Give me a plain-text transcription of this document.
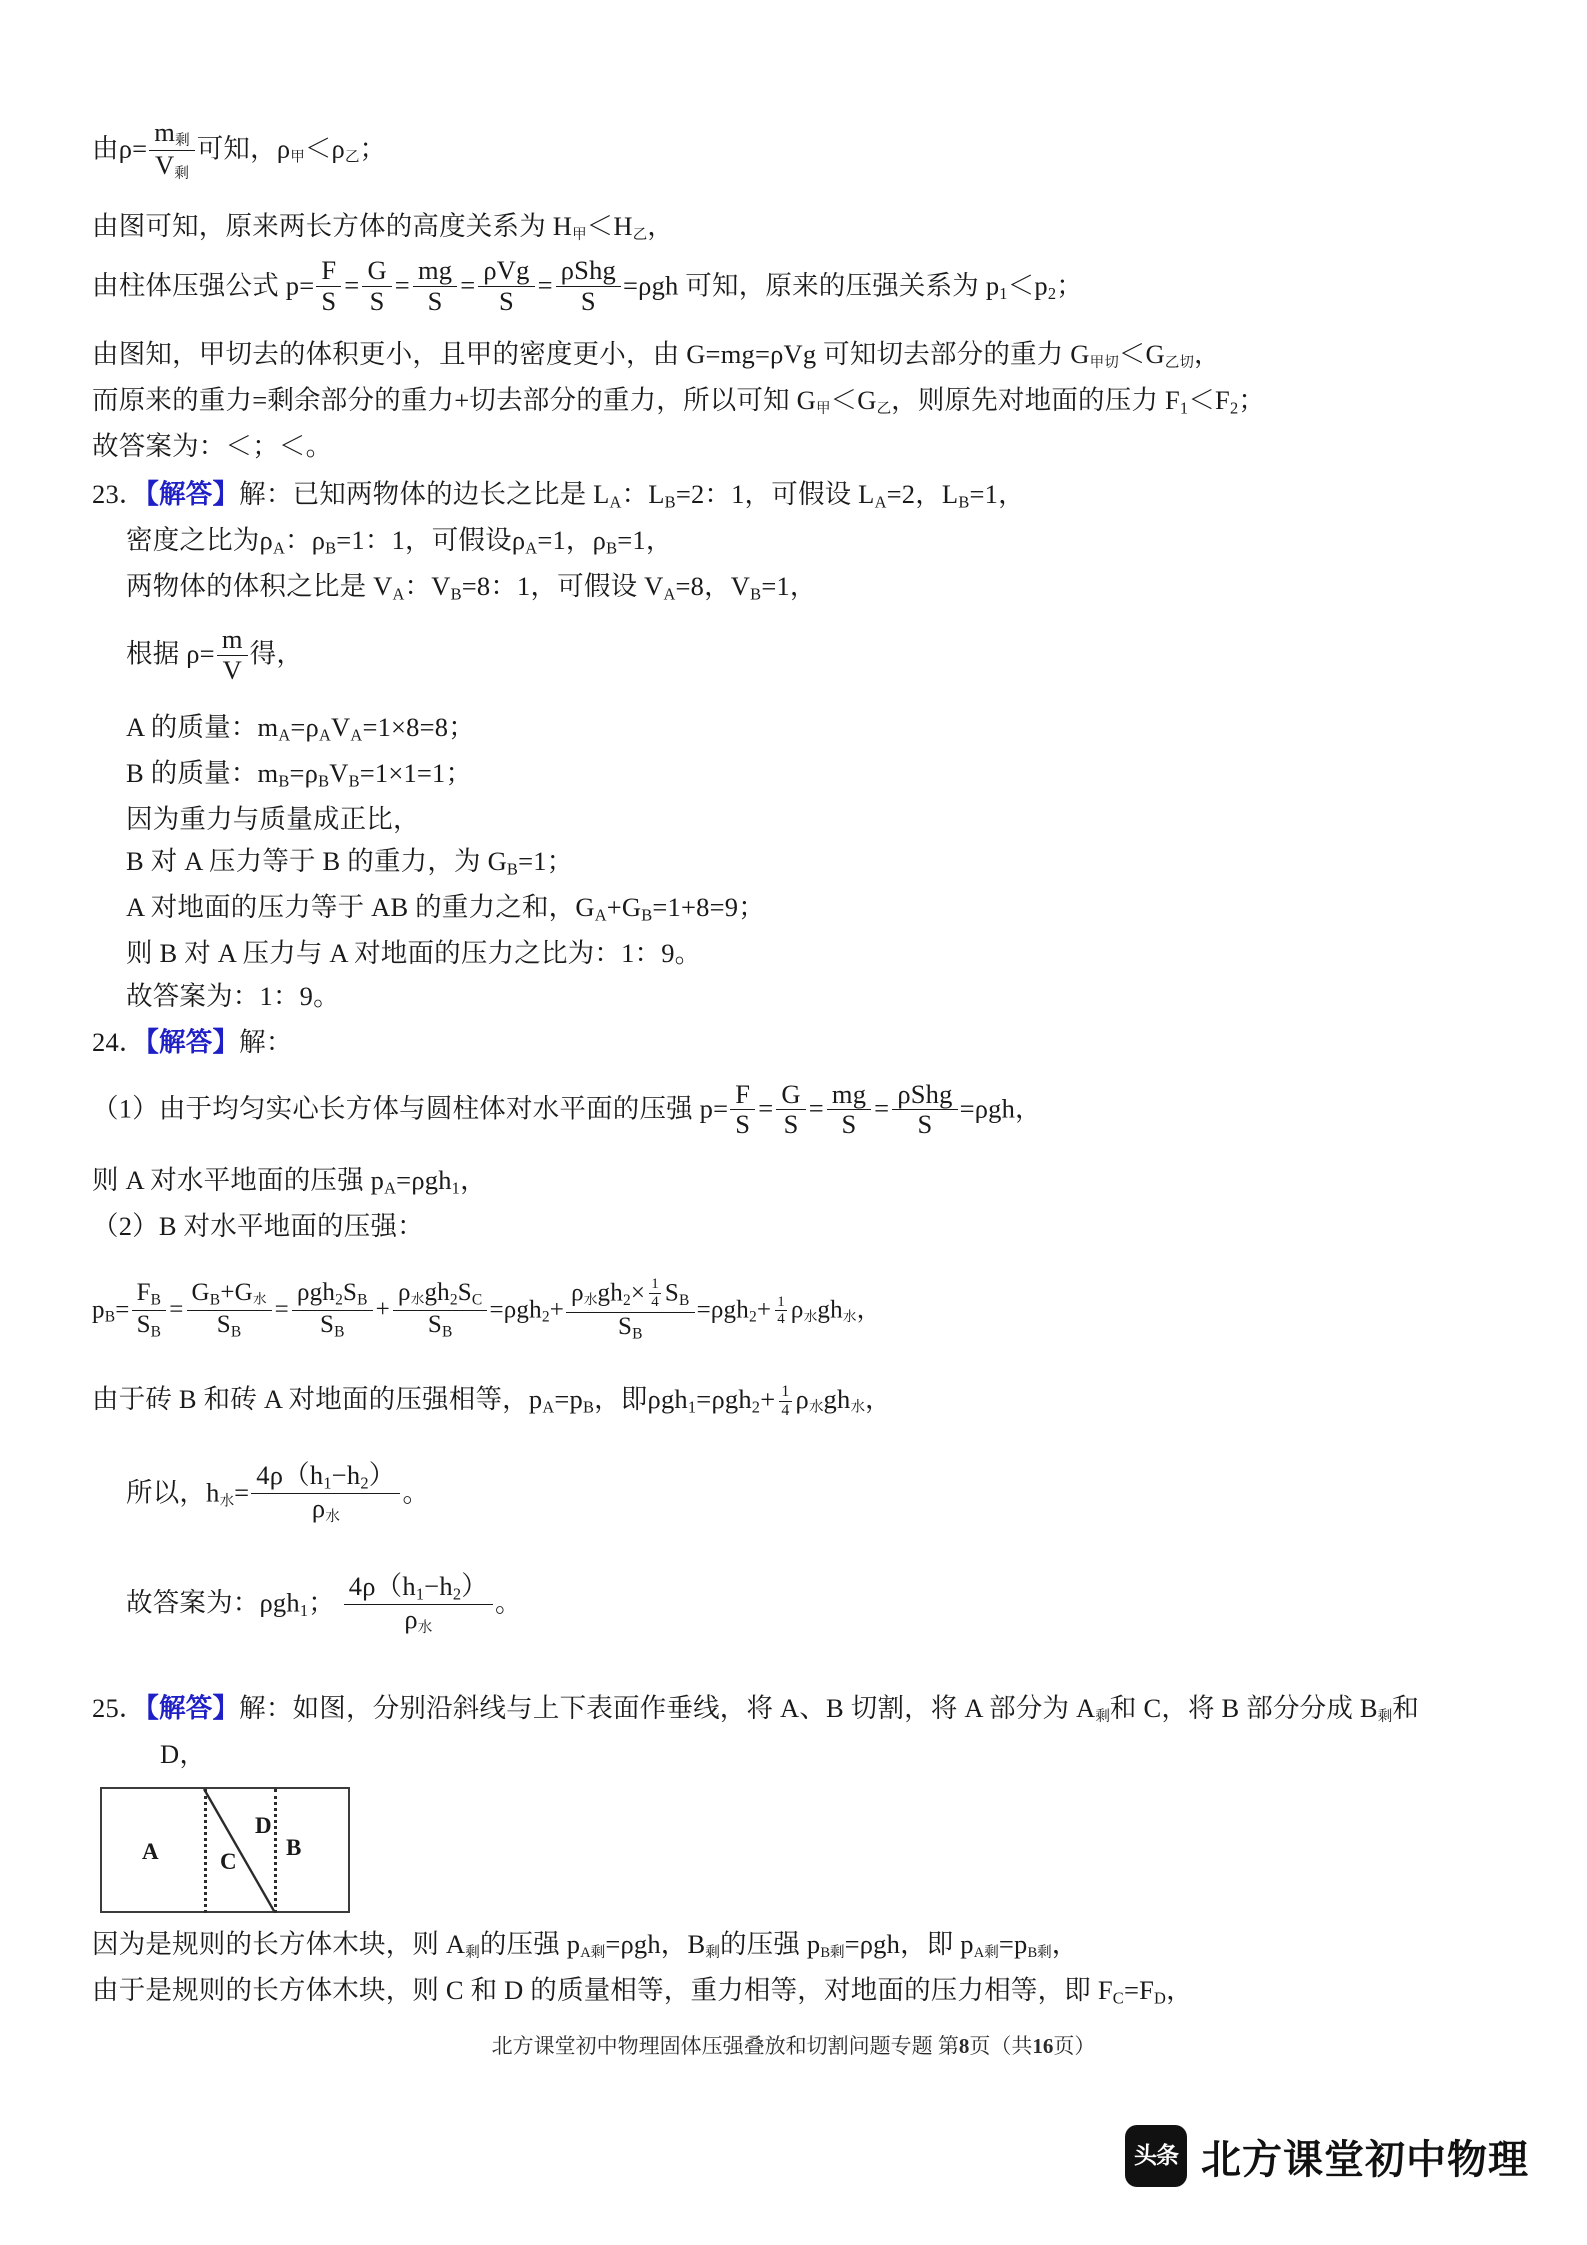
由$\rho= \frac{m_剩}{V_剩}$ 可知，$\rho_甲<\rho_乙$；
由图可知，原来两长方体的高度关系为 $H_甲<H_乙$，
由柱体压强公式 $p= \frac{F}{S} = \frac{G}{S} = \frac{mg}{S} = \frac{\text{ρVg}}{S} = \frac{\text{ρShg}}{S} =\rho gh$ 可知，原来的压强关系为 $p_1<p_2$；
由图知，甲切去的体积更小，且甲的密度更小，由 G=mg=ρVg 可知切去部分的重力 $G_{甲切}<G_{乙切}$，
而原来的重力=剩余部分的重力+切去部分的重力，所以可知 $G_甲<G_乙$，则原先对地面的压力 $F_1<F_2$；
故答案为：＜；＜。
23．【解答】解：已知两物体的边长之比是 $L_A$：$L_B=2$：1，可假设 $L_A=2$，$L_B=1$，
密度之比为$\rho_A$：$\rho_B=1$：1，可假设$\rho_A=1$，$\rho_B=1$，
两物体的体积之比是 $V_A$：$V_B=8$：1，可假设 $V_A=8$，$V_B=1$，
根据 $\rho= \frac{m}{V}$ 得，
A 的质量：$m_A=\rho_AV_A=1\times 8=8$；
B 的质量：$m_B=\rho_BV_B=1\times 1=1$；
因为重力与质量成正比，
B 对 A 压力等于 B 的重力，为 $G_B=1$；
A 对地面的压力等于 AB 的重力之和，$G_A+G_B=1+8=9$；
则 B 对 A 压力与 A 对地面的压力之比为：1：9。
故答案为：1：9。
24．【解答】解：
（1）由于均匀实心长方体与圆柱体对水平面的压强 $p= \frac{F}{S} = \frac{G}{S} = \frac{mg}{S} = \frac{\text{ρShg}}{S} =\rho gh$，
则 A 对水平地面的压强 $p_A=\rho gh_1$，
（2）B 对水平地面的压强：
$p_B= \frac{F_B}{S_B} = \frac{G_B+G_水}{S_B} = \frac{\rho gh_2S_B}{S_B} + \frac{\rho_水gh_2S_C}{S_B} =\rho gh_2+ \frac{\rho_水gh_2\times \frac{1}{4} S_B}{S_B} =\rho gh_2+ \frac{1}{4} \rho_水gh_水$，
由于砖 B 和砖 A 对地面的压强相等，$p_A=p_B$，即$\rho gh_1=\rho gh_2+ \frac{1}{4} \rho_水gh_水$，
所以，$h_水= \frac{4\rho(h_1-h_2)}{\rho_水}$ 。
故答案为：ρgh$_1$； $\frac{4\rho(h_1-h_2)}{\rho_水}$ 。
25．【解答】解：如图，分别沿斜线与上下表面作垂线，将 A、B 切割，将 A 部分为 $A_剩$和 C，将 B 部分分成 $B_剩$和
D，
A	C
D
B
因为是规则的长方体木块，则 $A_剩$的压强 $p_{A剩}=\rho gh$，$B_剩$的压强 $p_{B剩}=\rho gh$，即 $p_{A剩}=p_{B剩}$，
由于是规则的长方体木块，则 C 和 D 的质量相等，重力相等，对地面的压力相等，即 $F_C=F_D$，
北方课堂初中物理固体压强叠放和切割问题专题 第8页（共16页）
头条 北方课堂初中物理
